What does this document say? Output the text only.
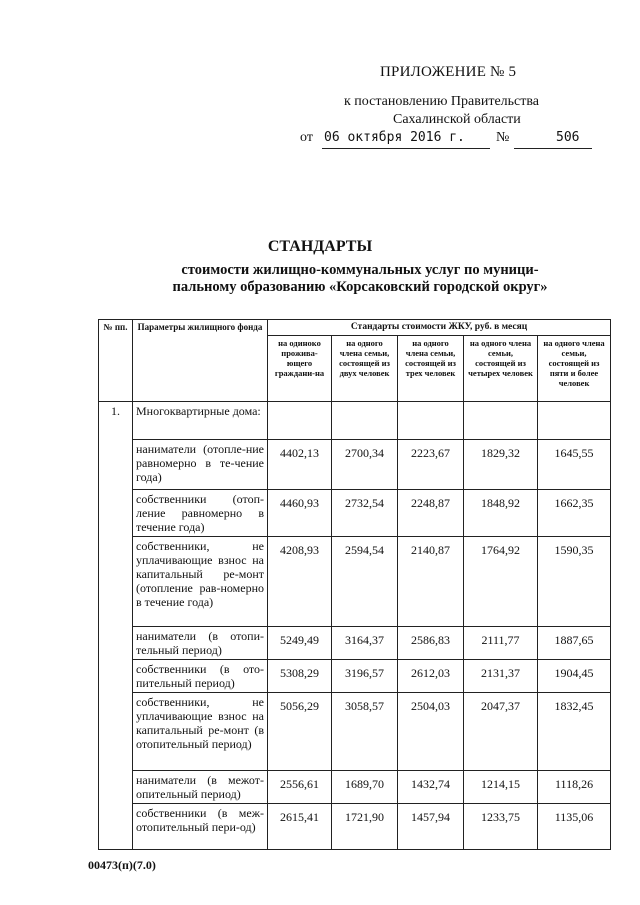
ПРИЛОЖЕНИЕ № 5
к постановлению Правительства
Сахалинской области
от 06 октября 2016 г. №	506
СТАНДАРТЫ
стоимости жилищно-коммунальных услуг по муници-пальному образованию «Корсаковский городской округ»
№ пп.	Параметры жилищного фонда	Стандарты стоимости ЖКУ, руб. в месяц				
		на одиноко прожива-ющего граждани-на	на одного члена семьи, состоящей из двух человек	на одного члена семьи, состоящей из трех человек	на одного члена семьи, состоящей из четырех человек	на одного члена семьи, состоящей из пяти и более человек
1.	Многоквартирные дома:					
	наниматели (отопле-ние равномерно в те-чение года)	4402,13	2700,34	2223,67	1829,32	1645,55
	собственники (отоп-ление равномерно в течение года)	4460,93	2732,54	2248,87	1848,92	1662,35
	собственники, не уплачивающие взнос на капитальный ре-монт (отопление рав-номерно в течение года)	4208,93	2594,54	2140,87	1764,92	1590,35
	наниматели (в отопи-тельный период)	5249,49	3164,37	2586,83	2111,77	1887,65
	собственники (в ото-пительный период)	5308,29	3196,57	2612,03	2131,37	1904,45
	собственники, не уплачивающие взнос на капитальный ре-монт (в отопительный период)	5056,29	3058,57	2504,03	2047,37	1832,45
	наниматели (в межот-опительный период)	2556,61	1689,70	1432,74	1214,15	1118,26
	собственники (в меж-отопительный пери-од)	2615,41	1721,90	1457,94	1233,75	1135,06
00473(п)(7.0)
